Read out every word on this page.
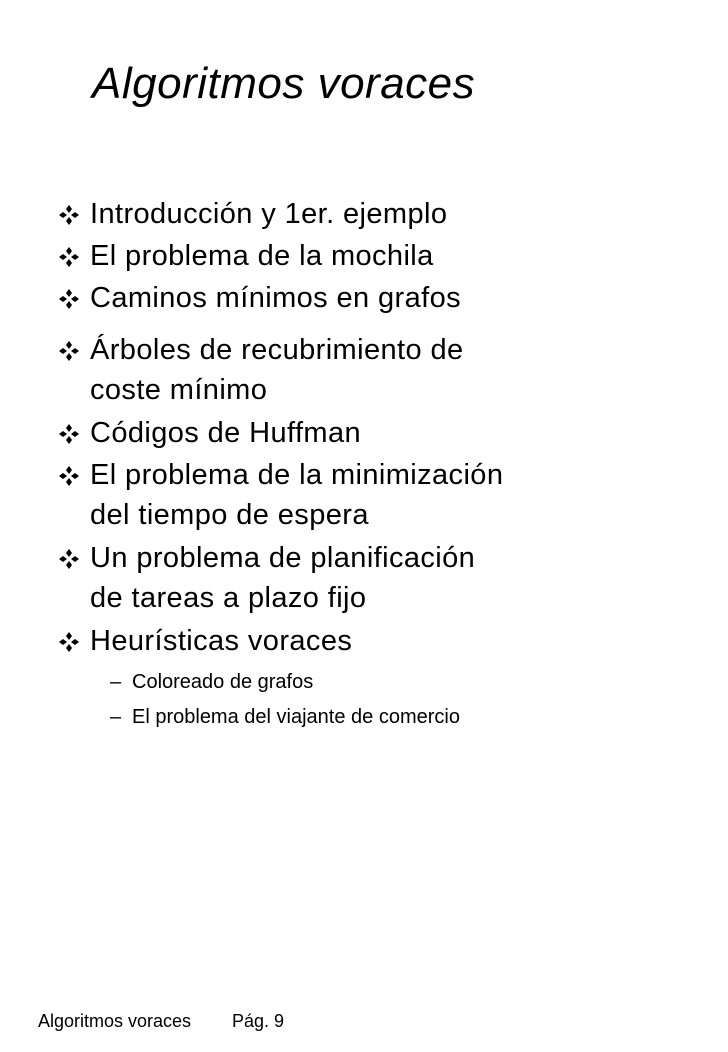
Algoritmos voraces
Introducción y 1er. ejemplo
El problema de la mochila
Caminos mínimos en grafos
Árboles de recubrimiento de
coste mínimo
Códigos de Huffman
El problema de la minimización
del tiempo de espera
Un problema de planificación
de tareas a plazo fijo
Heurísticas voraces
– Coloreado de grafos
– El problema del viajante de comercio
Algoritmos voraces Pág. 9
